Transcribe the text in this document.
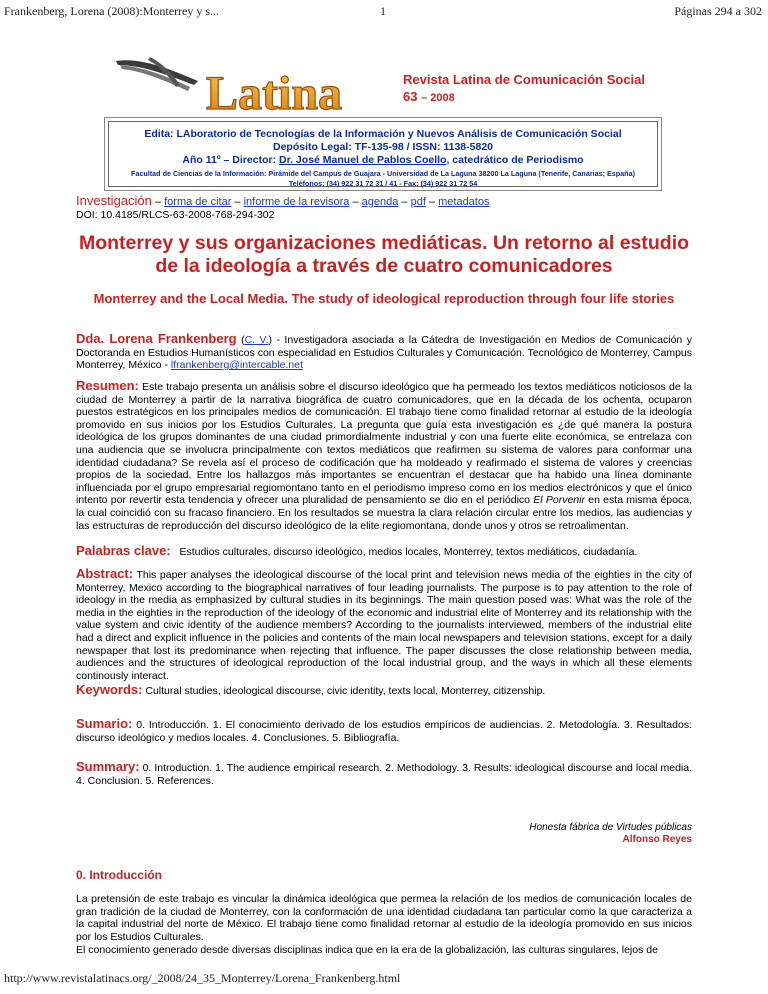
Frankenberg, Lorena (2008):Monterrey y s...	1	Páginas 294 a 302
Latina	Revista Latina de Comunicación Social
63 – 2008
Edita: LAboratorio de Tecnologías de la Información y Nuevos Análisis de Comunicación Social
Depósito Legal: TF-135-98 / ISSN: 1138-5820
Año 11º – Director: Dr. José Manuel de Pablos Coello, catedrático de Periodismo
Facultad de Ciencias de la Información: Pirámide del Campus de Guajara - Universidad de La Laguna 38200 La Laguna (Tenerife, Canarias; España)
Teléfonos: (34) 922 31 72 31 / 41 - Fax: (34) 922 31 72 54
Investigación – forma de citar – informe de la revisora – agenda – pdf – metadatos
DOI: 10.4185/RLCS-63-2008-768-294-302
Monterrey y sus organizaciones mediáticas. Un retorno al estudio de la ideología a través de cuatro comunicadores
Monterrey and the Local Media. The study of ideological reproduction through four life stories
Dda. Lorena Frankenberg (C. V.) - Investigadora asociada a la Cátedra de Investigación en Medios de Comunicación y Doctoranda en Estudios Humanísticos con especialidad en Estudios Culturales y Comunicación. Tecnológico de Monterrey, Campus Monterrey, México - lfrankenberg@intercable.net
Resumen: Este trabajo presenta un análisis sobre el discurso ideológico que ha permeado los textos mediáticos noticiosos de la ciudad de Monterrey a partir de la narrativa biográfica de cuatro comunicadores, que en la década de los ochenta, ocuparon puestos estratégicos en los principales medios de comunicación. El trabajo tiene como finalidad retornar al estudio de la ideología promovido en sus inicios por los Estudios Culturales. La pregunta que guía esta investigación es ¿de qué manera la postura ideológica de los grupos dominantes de una ciudad primordialmente industrial y con una fuerte elite económica, se entrelaza con una audiencia que se involucra principalmente con textos mediáticos que reafirmen su sistema de valores para conformar una identidad ciudadana? Se revela así el proceso de codificación que ha moldeado y reafirmado el sistema de valores y creencias propios de la sociedad. Entre los hallazgos más importantes se encuentran el destacar que ha habido una línea dominante influenciada por el grupo empresarial regiomontano tanto en el periodismo impreso como en los medios electrónicos y que el único intento por revertir esta tendencia y ofrecer una pluralidad de pensamiento se dio en el periódico El Porvenir en esta misma época, la cual coincidió con su fracaso financiero. En los resultados se muestra la clara relación circular entre los medios, las audiencias y las estructuras de reproducción del discurso ideológico de la elite regiomontana, donde unos y otros se retroalimentan.
Palabras clave: Estudios culturales, discurso ideológico, medios locales, Monterrey, textos mediáticos, ciudadanía.
Abstract: This paper analyses the ideological discourse of the local print and television news media of the eighties in the city of Monterrey, Mexico according to the biographical narratives of four leading journalists. The purpose is to pay attention to the role of ideology in the media as emphasized by cultural studies in its beginnings. The main question posed was: What was the role of the media in the eighties in the reproduction of the ideology of the economic and industrial elite of Monterrey and its relationship with the value system and civic identity of the audience members? According to the journalists interviewed, members of the industrial elite had a direct and explicit influence in the policies and contents of the main local newspapers and television stations, except for a daily newspaper that lost its predominance when rejecting that influence. The paper discusses the close relationship between media, audiences and the structures of ideological reproduction of the local industrial group, and the ways in which all these elements continously interact.
Keywords: Cultural studies, ideological discourse, civic identity, texts local, Monterrey, citizenship.
Sumario: 0. Introducción. 1. El conocimiento derivado de los estudios empíricos de audiencias. 2. Metodología. 3. Resultados: discurso ideológico y medios locales. 4. Conclusiones. 5. Bibliografía.
Summary: 0. Introduction. 1. The audience empirical research. 2. Methodology. 3. Results: ideological discourse and local media. 4. Conclusion. 5. References.
Honesta fábrica de Virtudes públicas
Alfonso Reyes
0. Introducción
La pretensión de este trabajo es vincular la dinámica ideológica que permea la relación de los medios de comunicación locales de gran tradición de la ciudad de Monterrey, con la conformación de una identidad ciudadana tan particular como la que caracteriza a la capital industrial del norte de México. El trabajo tiene como finalidad retornar al estudio de la ideología promovido en sus inicios por los Estudios Culturales.
El conocimiento generado desde diversas disciplinas indica que en la era de la globalización, las culturas singulares, lejos de
http://www.revistalatinacs.org/_2008/24_35_Monterrey/Lorena_Frankenberg.html
